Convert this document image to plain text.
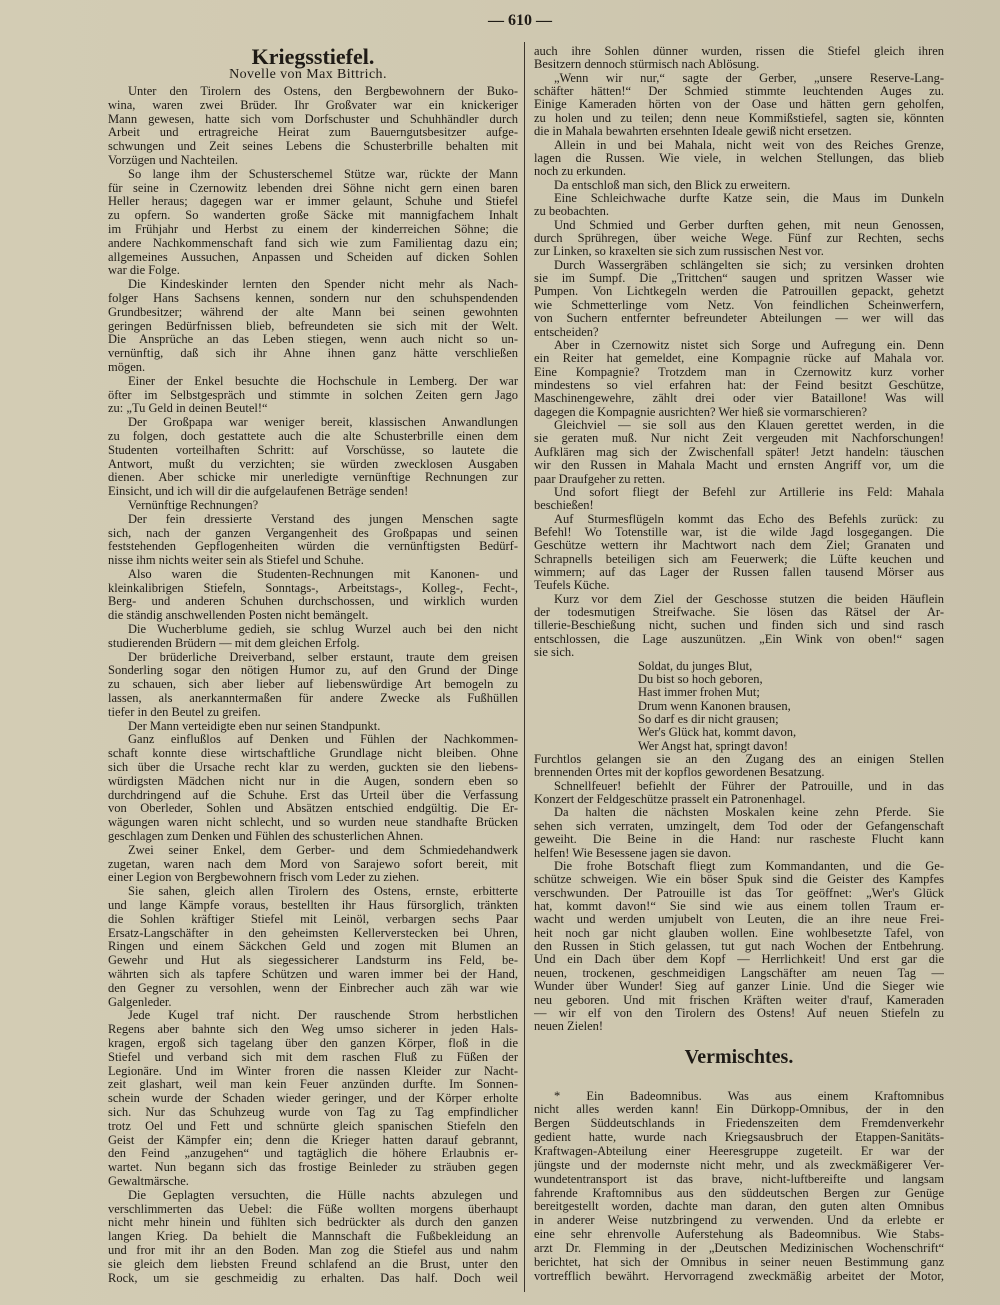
— 610 —
Kriegsstiefel.
Novelle von Max Bittrich.
Unter den Tirolern des Ostens, den Bergbewohnern der Buko-
wina, waren zwei Brüder. Ihr Großvater war ein knickeriger
Mann gewesen, hatte sich vom Dorfschuster und Schuhhändler durch
Arbeit und ertragreiche Heirat zum Bauerngutsbesitzer aufge-
schwungen und Zeit seines Lebens die Schusterbrille behalten mit
Vorzügen und Nachteilen.
So lange ihm der Schusterschemel Stütze war, rückte der Mann
für seine in Czernowitz lebenden drei Söhne nicht gern einen baren
Heller heraus; dagegen war er immer gelaunt, Schuhe und Stiefel
zu opfern. So wanderten große Säcke mit mannigfachem Inhalt
im Frühjahr und Herbst zu einem der kinderreichen Söhne; die
andere Nachkommenschaft fand sich wie zum Familientag dazu ein;
allgemeines Aussuchen, Anpassen und Scheiden auf dicken Sohlen
war die Folge.
Die Kindeskinder lernten den Spender nicht mehr als Nach-
folger Hans Sachsens kennen, sondern nur den schuhspendenden
Grundbesitzer; während der alte Mann bei seinen gewohnten
geringen Bedürfnissen blieb, befreundeten sie sich mit der Welt.
Die Ansprüche an das Leben stiegen, wenn auch nicht so un-
vernünftig, daß sich ihr Ahne ihnen ganz hätte verschließen
mögen.
Einer der Enkel besuchte die Hochschule in Lemberg. Der war
öfter im Selbstgespräch und stimmte in solchen Zeiten gern Jago
zu: „Tu Geld in deinen Beutel!“
Der Großpapa war weniger bereit, klassischen Anwandlungen
zu folgen, doch gestattete auch die alte Schusterbrille einen dem
Studenten vorteilhaften Schritt: auf Vorschüsse, so lautete die
Antwort, mußt du verzichten; sie würden zwecklosen Ausgaben
dienen. Aber schicke mir unerledigte vernünftige Rechnungen zur
Einsicht, und ich will dir die aufgelaufenen Beträge senden!
Vernünftige Rechnungen?
Der fein dressierte Verstand des jungen Menschen sagte
sich, nach der ganzen Vergangenheit des Großpapas und seinen
feststehenden Gepflogenheiten würden die vernünftigsten Bedürf-
nisse ihm nichts weiter sein als Stiefel und Schuhe.
Also waren die Studenten-Rechnungen mit Kanonen- und
kleinkalibrigen Stiefeln, Sonntags-, Arbeitstags-, Kolleg-, Fecht-,
Berg- und anderen Schuhen durchschossen, und wirklich wurden
die ständig anschwellenden Posten nicht bemängelt.
Die Wucherblume gedieh, sie schlug Wurzel auch bei den nicht
studierenden Brüdern — mit dem gleichen Erfolg.
Der brüderliche Dreiverband, selber erstaunt, traute dem greisen
Sonderling sogar den nötigen Humor zu, auf den Grund der Dinge
zu schauen, sich aber lieber auf liebenswürdige Art bemogeln zu
lassen, als anerkanntermaßen für andere Zwecke als Fußhüllen
tiefer in den Beutel zu greifen.
Der Mann verteidigte eben nur seinen Standpunkt.
Ganz einflußlos auf Denken und Fühlen der Nachkommen-
schaft konnte diese wirtschaftliche Grundlage nicht bleiben. Ohne
sich über die Ursache recht klar zu werden, guckten sie den liebens-
würdigsten Mädchen nicht nur in die Augen, sondern eben so
durchdringend auf die Schuhe. Erst das Urteil über die Verfassung
von Oberleder, Sohlen und Absätzen entschied endgültig. Die Er-
wägungen waren nicht schlecht, und so wurden neue standhafte Brücken
geschlagen zum Denken und Fühlen des schusterlichen Ahnen.
Zwei seiner Enkel, dem Gerber- und dem Schmiedehandwerk
zugetan, waren nach dem Mord von Sarajewo sofort bereit, mit
einer Legion von Bergbewohnern frisch vom Leder zu ziehen.
Sie sahen, gleich allen Tirolern des Ostens, ernste, erbitterte
und lange Kämpfe voraus, bestellten ihr Haus fürsorglich, tränkten
die Sohlen kräftiger Stiefel mit Leinöl, verbargen sechs Paar
Ersatz-Langschäfter in den geheimsten Kellerverstecken bei Uhren,
Ringen und einem Säckchen Geld und zogen mit Blumen an
Gewehr und Hut als siegessicherer Landsturm ins Feld, be-
währten sich als tapfere Schützen und waren immer bei der Hand,
den Gegner zu versohlen, wenn der Einbrecher auch zäh war wie
Galgenleder.
Jede Kugel traf nicht. Der rauschende Strom herbstlichen
Regens aber bahnte sich den Weg umso sicherer in jeden Hals-
kragen, ergoß sich tagelang über den ganzen Körper, floß in die
Stiefel und verband sich mit dem raschen Fluß zu Füßen der
Legionäre. Und im Winter froren die nassen Kleider zur Nacht-
zeit glashart, weil man kein Feuer anzünden durfte. Im Sonnen-
schein wurde der Schaden wieder geringer, und der Körper erholte
sich. Nur das Schuhzeug wurde von Tag zu Tag empfindlicher
trotz Oel und Fett und schnürte gleich spanischen Stiefeln den
Geist der Kämpfer ein; denn die Krieger hatten darauf gebrannt,
den Feind „anzugehen“ und tagtäglich die höhere Erlaubnis er-
wartet. Nun begann sich das frostige Beinleder zu sträuben gegen
Gewaltmärsche.
Die Geplagten versuchten, die Hülle nachts abzulegen und
verschlimmerten das Uebel: die Füße wollten morgens überhaupt
nicht mehr hinein und fühlten sich bedrückter als durch den ganzen
langen Krieg. Da behielt die Mannschaft die Fußbekleidung an
und fror mit ihr an den Boden. Man zog die Stiefel aus und nahm
sie gleich dem liebsten Freund schlafend an die Brust, unter den
Rock, um sie geschmeidig zu erhalten. Das half. Doch weil
auch ihre Sohlen dünner wurden, rissen die Stiefel gleich ihren
Besitzern dennoch stürmisch nach Ablösung.
„Wenn wir nur,“ sagte der Gerber, „unsere Reserve-Lang-
schäfter hätten!“ Der Schmied stimmte leuchtenden Auges zu.
Einige Kameraden hörten von der Oase und hätten gern geholfen,
zu holen und zu teilen; denn neue Kommißstiefel, sagten sie, könnten
die in Mahala bewahrten ersehnten Ideale gewiß nicht ersetzen.
Allein in und bei Mahala, nicht weit von des Reiches Grenze,
lagen die Russen. Wie viele, in welchen Stellungen, das blieb
noch zu erkunden.
Da entschloß man sich, den Blick zu erweitern.
Eine Schleichwache durfte Katze sein, die Maus im Dunkeln
zu beobachten.
Und Schmied und Gerber durften gehen, mit neun Genossen,
durch Sprühregen, über weiche Wege. Fünf zur Rechten, sechs
zur Linken, so kraxelten sie sich zum russischen Nest vor.
Durch Wassergräben schlängelten sie sich; zu versinken drohten
sie im Sumpf. Die „Trittchen“ saugen und spritzen Wasser wie
Pumpen. Von Lichtkegeln werden die Patrouillen gepackt, gehetzt
wie Schmetterlinge vom Netz. Von feindlichen Scheinwerfern,
von Suchern entfernter befreundeter Abteilungen — wer will das
entscheiden?
Aber in Czernowitz nistet sich Sorge und Aufregung ein. Denn
ein Reiter hat gemeldet, eine Kompagnie rücke auf Mahala vor.
Eine Kompagnie? Trotzdem man in Czernowitz kurz vorher
mindestens so viel erfahren hat: der Feind besitzt Geschütze,
Maschinengewehre, zählt drei oder vier Bataillone! Was will
dagegen die Kompagnie ausrichten? Wer hieß sie vormarschieren?
Gleichviel — sie soll aus den Klauen gerettet werden, in die
sie geraten muß. Nur nicht Zeit vergeuden mit Nachforschungen!
Aufklären mag sich der Zwischenfall später! Jetzt handeln: täuschen
wir den Russen in Mahala Macht und ernsten Angriff vor, um die
paar Draufgeher zu retten.
Und sofort fliegt der Befehl zur Artillerie ins Feld: Mahala
beschießen!
Auf Sturmesflügeln kommt das Echo des Befehls zurück: zu
Befehl! Wo Totenstille war, ist die wilde Jagd losgegangen. Die
Geschütze wettern ihr Machtwort nach dem Ziel; Granaten und
Schrapnells beteiligen sich am Feuerwerk; die Lüfte keuchen und
wimmern; auf das Lager der Russen fallen tausend Mörser aus
Teufels Küche.
Kurz vor dem Ziel der Geschosse stutzen die beiden Häuflein
der todesmutigen Streifwache. Sie lösen das Rätsel der Ar-
tillerie-Beschießung nicht, suchen und finden sich und sind rasch
entschlossen, die Lage auszunützen. „Ein Wink von oben!“ sagen
sie sich.
Soldat, du junges Blut,
Du bist so hoch geboren,
Hast immer frohen Mut;
Drum wenn Kanonen brausen,
So darf es dir nicht grausen;
Wer's Glück hat, kommt davon,
Wer Angst hat, springt davon!
Furchtlos gelangen sie an den Zugang des an einigen Stellen
brennenden Ortes mit der kopflos gewordenen Besatzung.
Schnellfeuer! befiehlt der Führer der Patrouille, und in das
Konzert der Feldgeschütze prasselt ein Patronenhagel.
Da halten die nächsten Moskalen keine zehn Pferde. Sie
sehen sich verraten, umzingelt, dem Tod oder der Gefangenschaft
geweiht. Die Beine in die Hand: nur rascheste Flucht kann
helfen! Wie Besessene jagen sie davon.
Die frohe Botschaft fliegt zum Kommandanten, und die Ge-
schütze schweigen. Wie ein böser Spuk sind die Geister des Kampfes
verschwunden. Der Patrouille ist das Tor geöffnet: „Wer's Glück
hat, kommt davon!“ Sie sind wie aus einem tollen Traum er-
wacht und werden umjubelt von Leuten, die an ihre neue Frei-
heit noch gar nicht glauben wollen. Eine wohlbesetzte Tafel, von
den Russen in Stich gelassen, tut gut nach Wochen der Entbehrung.
Und ein Dach über dem Kopf — Herrlichkeit! Und erst gar die
neuen, trockenen, geschmeidigen Langschäfter am neuen Tag —
Wunder über Wunder! Sieg auf ganzer Linie. Und die Sieger wie
neu geboren. Und mit frischen Kräften weiter d'rauf, Kameraden
— wir elf von den Tirolern des Ostens! Auf neuen Stiefeln zu
neuen Zielen!
Vermischtes.
* Ein Badeomnibus. Was aus einem Kraftomnibus
nicht alles werden kann! Ein Dürkopp-Omnibus, der in den
Bergen Süddeutschlands in Friedenszeiten dem Fremdenverkehr
gedient hatte, wurde nach Kriegsausbruch der Etappen-Sanitäts-
Kraftwagen-Abteilung einer Heeresgruppe zugeteilt. Er war der
jüngste und der modernste nicht mehr, und als zweckmäßigerer Ver-
wundetentransport ist das brave, nicht-luftbereifte und langsam
fahrende Kraftomnibus aus den süddeutschen Bergen zur Genüge
bereitgestellt worden, dachte man daran, den guten alten Omnibus
in anderer Weise nutzbringend zu verwenden. Und da erlebte er
eine sehr ehrenvolle Auferstehung als Badeomnibus. Wie Stabs-
arzt Dr. Flemming in der „Deutschen Medizinischen Wochenschrift“
berichtet, hat sich der Omnibus in seiner neuen Bestimmung ganz
vortrefflich bewährt. Hervorragend zweckmäßig arbeitet der Motor,
